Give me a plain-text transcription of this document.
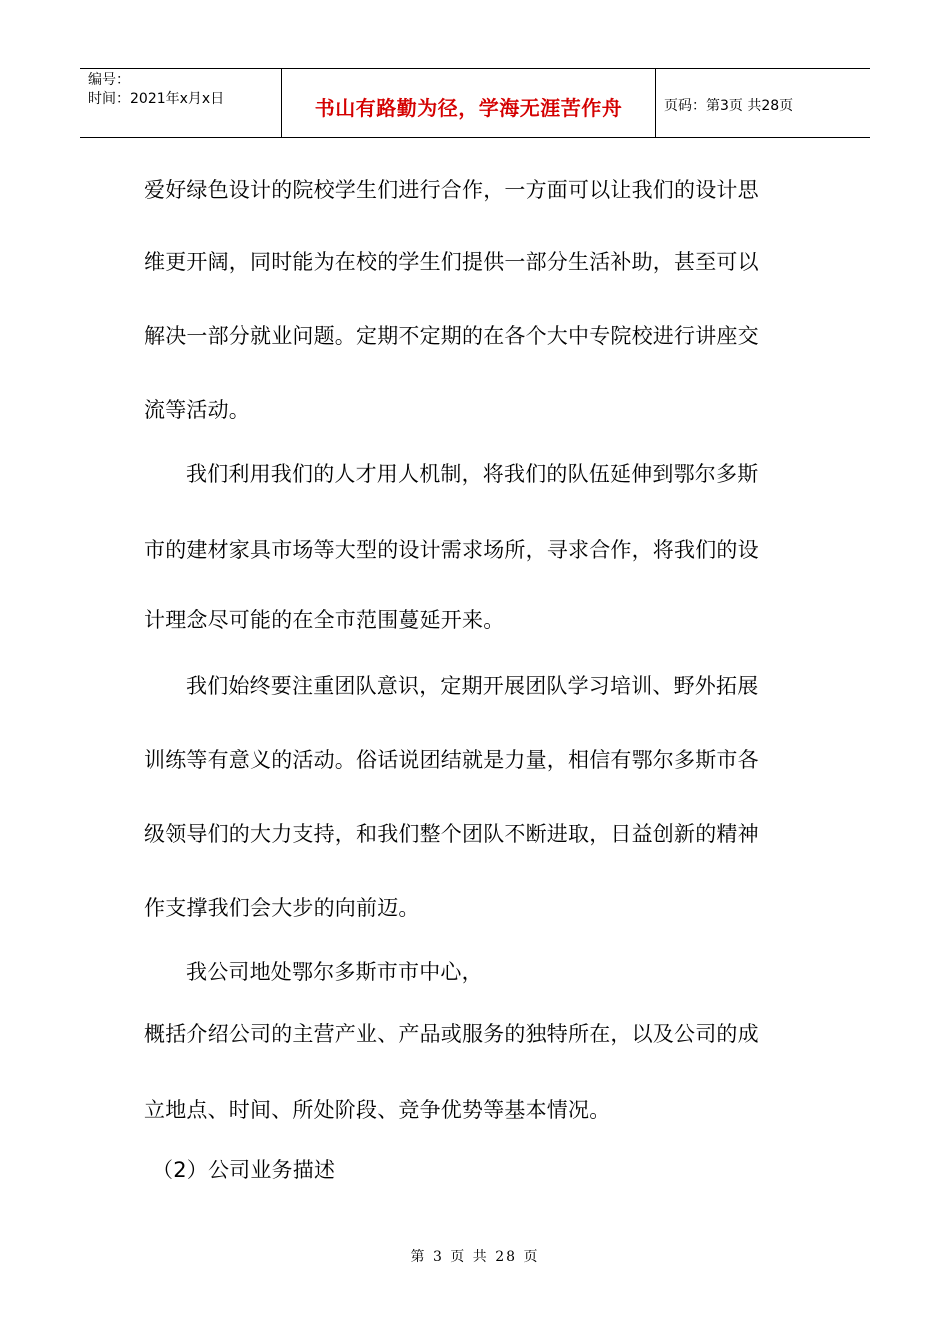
编号：
时间：2021年x月x日	书山有路勤为径，学海无涯苦作舟	页码：第3页 共28页
爱好绿色设计的院校学生们进行合作，一方面可以让我们的设计思
维更开阔，同时能为在校的学生们提供一部分生活补助，甚至可以
解决一部分就业问题。定期不定期的在各个大中专院校进行讲座交
流等活动。
我们利用我们的人才用人机制，将我们的队伍延伸到鄂尔多斯
市的建材家具市场等大型的设计需求场所，寻求合作，将我们的设
计理念尽可能的在全市范围蔓延开来。
我们始终要注重团队意识，定期开展团队学习培训、野外拓展
训练等有意义的活动。俗话说团结就是力量，相信有鄂尔多斯市各
级领导们的大力支持，和我们整个团队不断进取，日益创新的精神
作支撑我们会大步的向前迈。
我公司地处鄂尔多斯市市中心，
概括介绍公司的主营产业、产品或服务的独特所在，以及公司的成
立地点、时间、所处阶段、竞争优势等基本情况。
（2）公司业务描述
第 3 页 共 28 页
